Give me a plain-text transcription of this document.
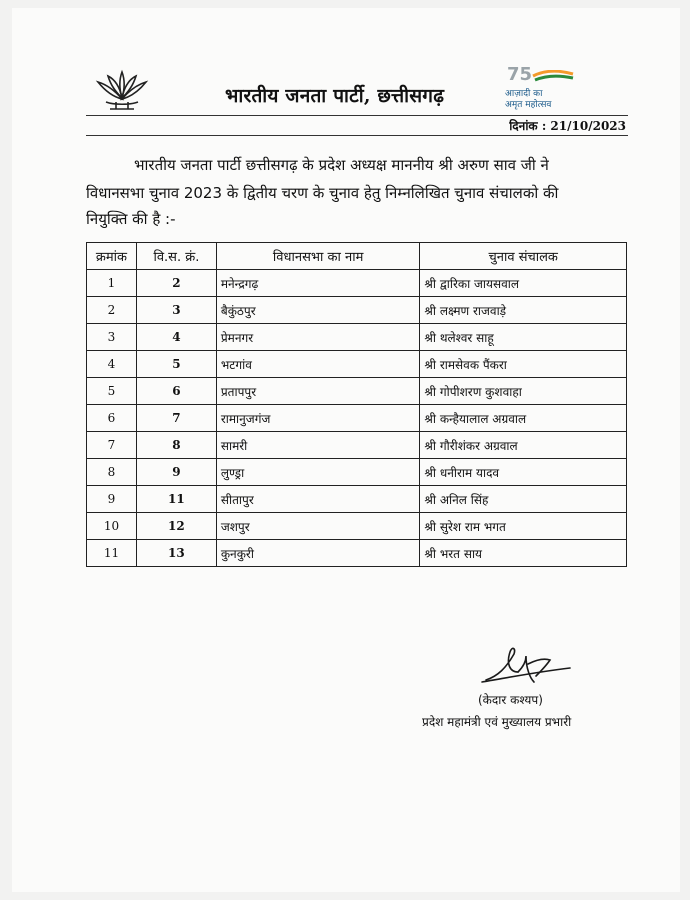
भारतीय जनता पार्टी, छत्तीसगढ़
75
आज़ादी का
अमृत महोत्सव
दिनांक : 21/10/2023
भारतीय जनता पार्टी छत्तीसगढ़ के प्रदेश अध्यक्ष माननीय श्री अरुण साव जी ने
विधानसभा चुनाव 2023 के द्वितीय चरण के चुनाव हेतु निम्नलिखित चुनाव संचालको की
नियुक्ति की है :-
क्रमांक	वि.स. क्रं.	विधानसभा का नाम	चुनाव संचालक
1	2	मनेन्द्रगढ़	श्री द्वारिका जायसवाल
2	3	बैकुंठपुर	श्री लक्ष्मण राजवाड़े
3	4	प्रेमनगर	श्री थलेश्वर साहू
4	5	भटगांव	श्री रामसेवक पैंकरा
5	6	प्रतापपुर	श्री गोपीशरण कुशवाहा
6	7	रामानुजगंज	श्री कन्हैयालाल अग्रवाल
7	8	सामरी	श्री गौरीशंकर अग्रवाल
8	9	लुण्ड्रा	श्री धनीराम यादव
9	11	सीतापुर	श्री अनिल सिंह
10	12	जशपुर	श्री सुरेश राम भगत
11	13	कुनकुरी	श्री भरत साय
(केदार कश्यप)
प्रदेश महामंत्री एवं मुख्यालय प्रभारी
